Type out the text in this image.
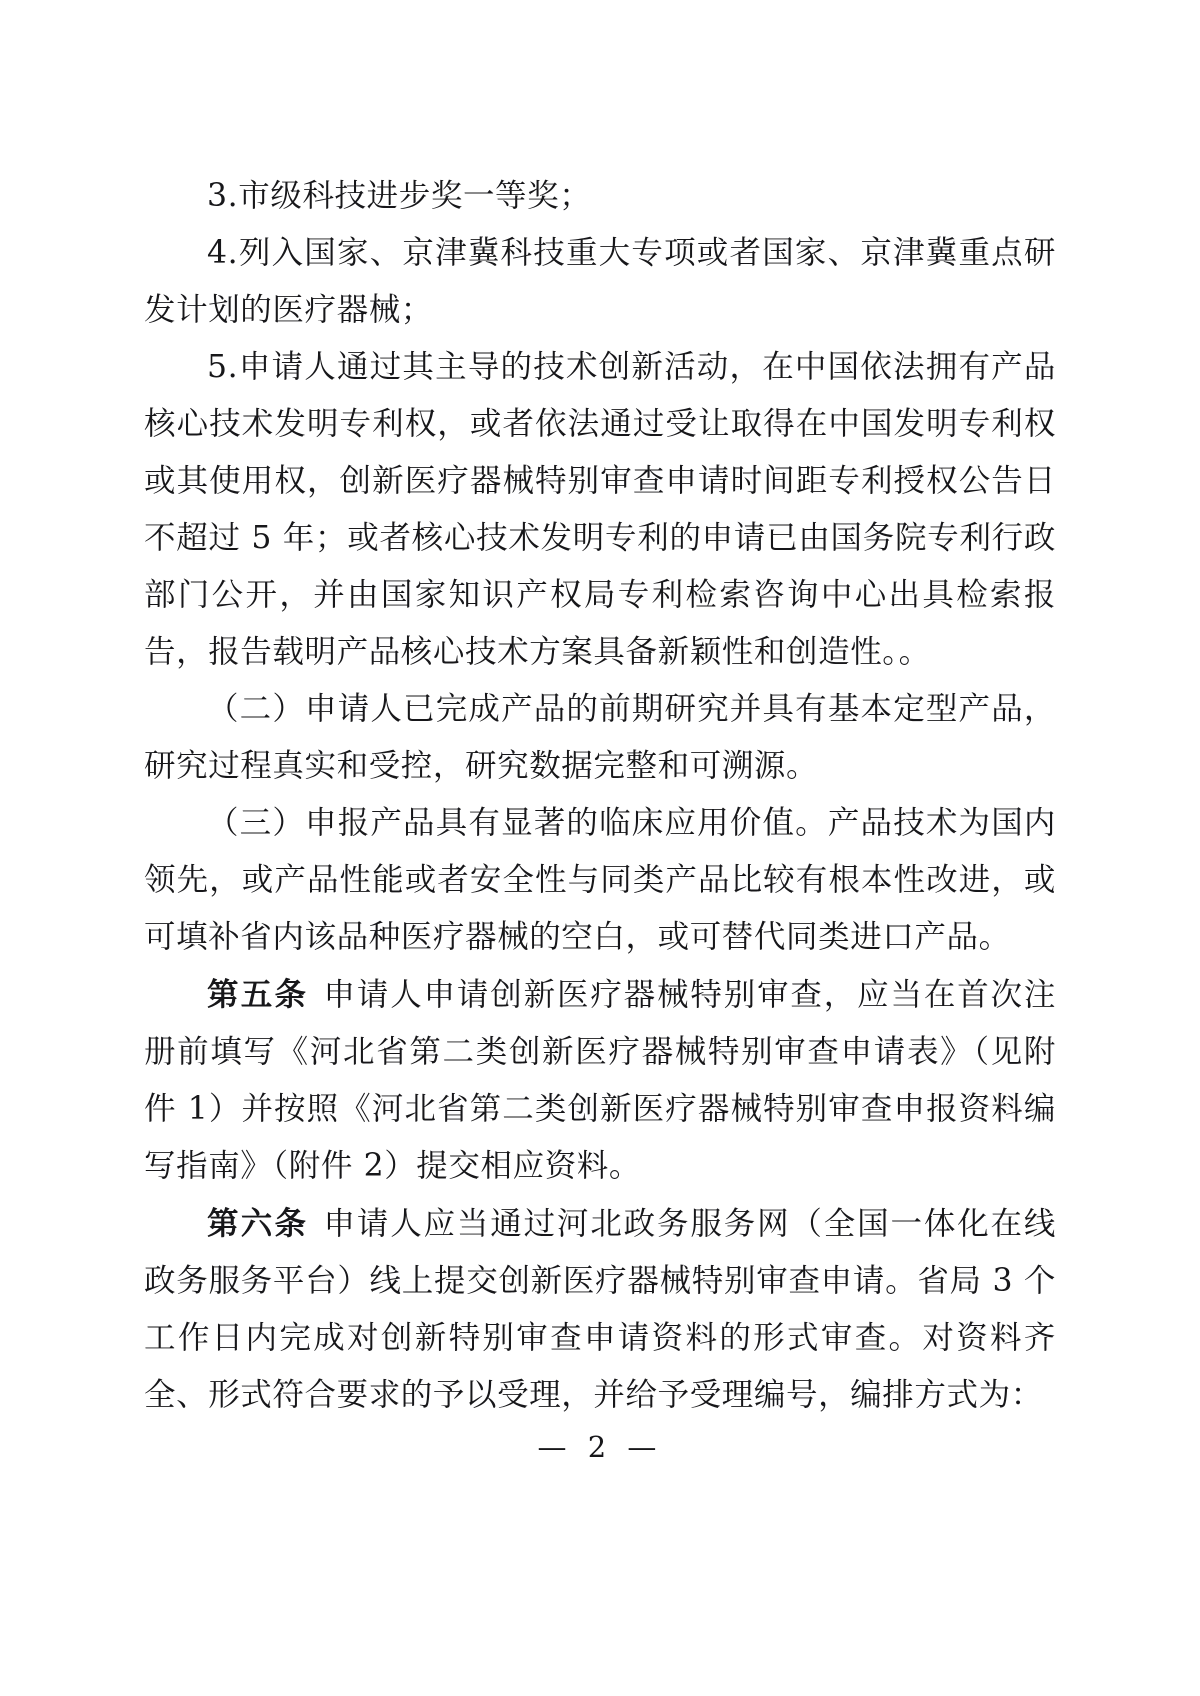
3.市级科技进步奖一等奖；

4.列入国家、京津冀科技重大专项或者国家、京津冀重点研发计划的医疗器械；

5.申请人通过其主导的技术创新活动，在中国依法拥有产品核心技术发明专利权，或者依法通过受让取得在中国发明专利权或其使用权，创新医疗器械特别审查申请时间距专利授权公告日不超过 5 年；或者核心技术发明专利的申请已由国务院专利行政部门公开，并由国家知识产权局专利检索咨询中心出具检索报告，报告载明产品核心技术方案具备新颖性和创造性。。

（二）申请人已完成产品的前期研究并具有基本定型产品，研究过程真实和受控，研究数据完整和可溯源。

（三）申报产品具有显著的临床应用价值。产品技术为国内领先，或产品性能或者安全性与同类产品比较有根本性改进，或可填补省内该品种医疗器械的空白，或可替代同类进口产品。

第五条 申请人申请创新医疗器械特别审查，应当在首次注册前填写《河北省第二类创新医疗器械特别审查申请表》（见附件 1）并按照《河北省第二类创新医疗器械特别审查申报资料编写指南》（附件 2）提交相应资料。

第六条 申请人应当通过河北政务服务网（全国一体化在线政务服务平台）线上提交创新医疗器械特别审查申请。省局 3 个工作日内完成对创新特别审查申请资料的形式审查。对资料齐全、形式符合要求的予以受理，并给予受理编号，编排方式为：

— 2 —
